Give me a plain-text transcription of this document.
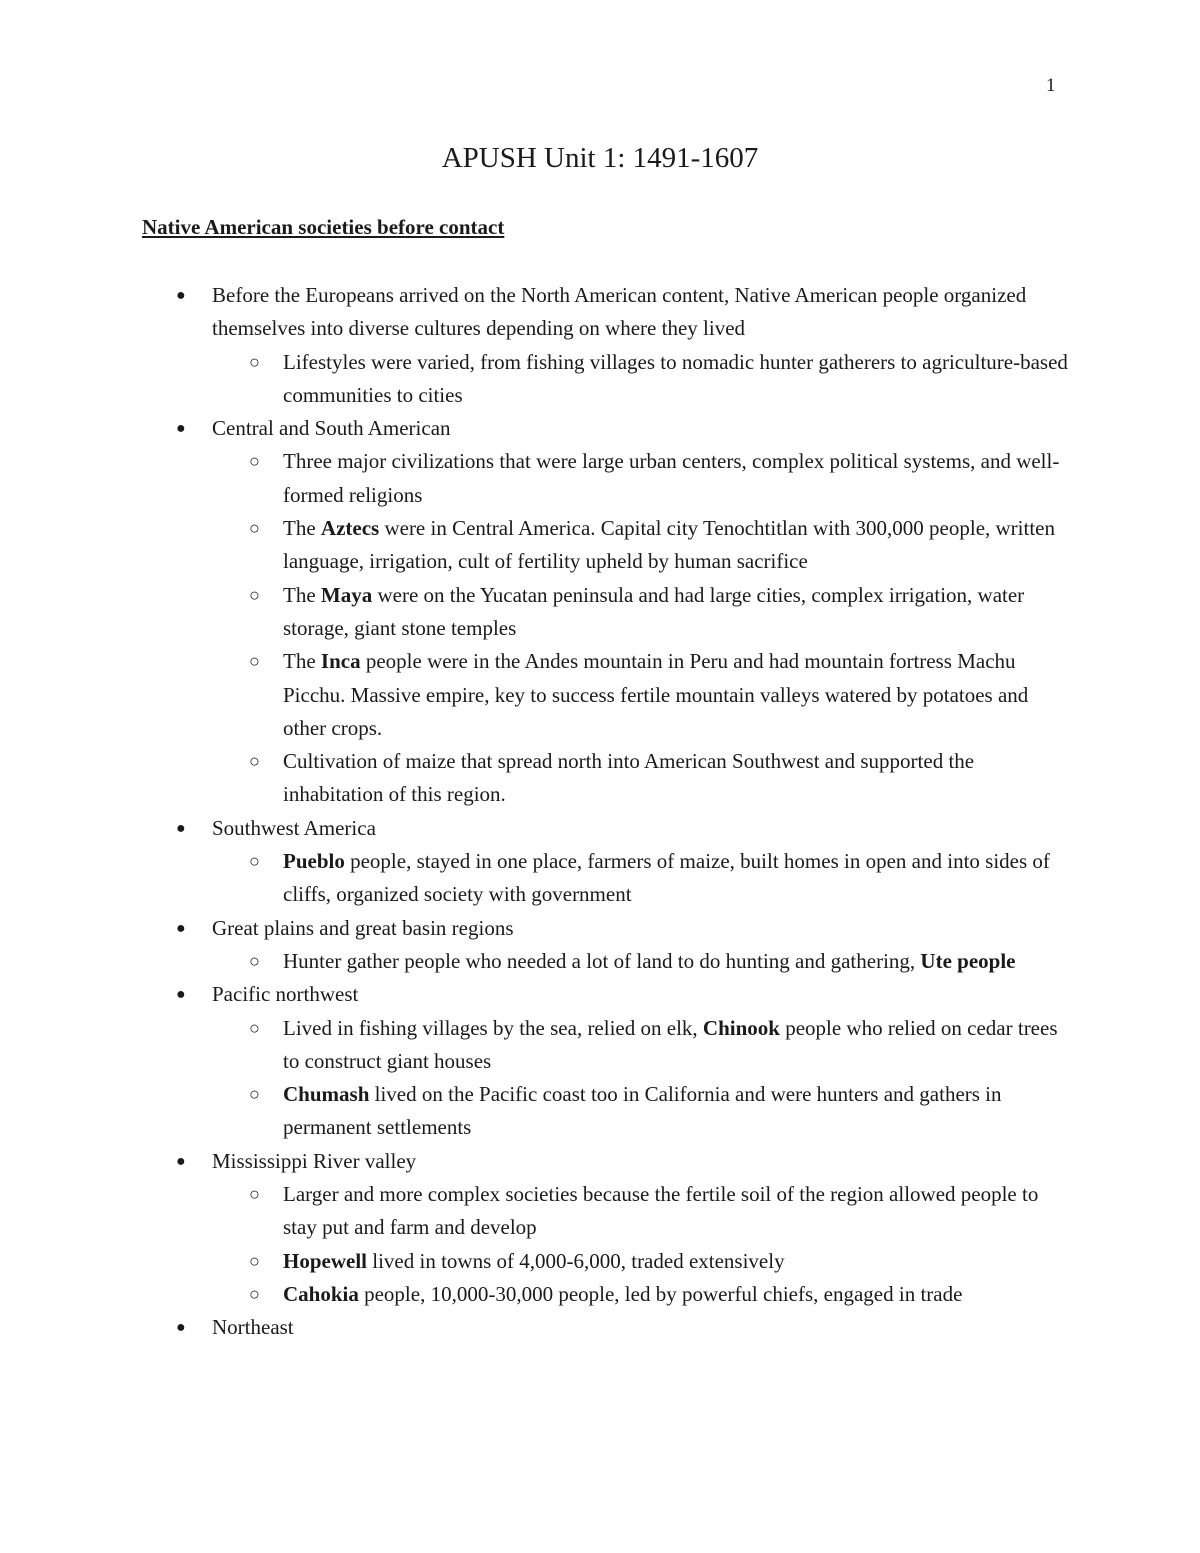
1
APUSH Unit 1: 1491-1607
Native American societies before contact
● Before the Europeans arrived on the North American content, Native American people organized themselves into diverse cultures depending on where they lived
○ Lifestyles were varied, from fishing villages to nomadic hunter gatherers to agriculture-based communities to cities
● Central and South American
○ Three major civilizations that were large urban centers, complex political systems, and well-formed religions
○ The Aztecs were in Central America. Capital city Tenochtitlan with 300,000 people, written language, irrigation, cult of fertility upheld by human sacrifice
○ The Maya were on the Yucatan peninsula and had large cities, complex irrigation, water storage, giant stone temples
○ The Inca people were in the Andes mountain in Peru and had mountain fortress Machu Picchu. Massive empire, key to success fertile mountain valleys watered by potatoes and other crops.
○ Cultivation of maize that spread north into American Southwest and supported the inhabitation of this region.
● Southwest America
○ Pueblo people, stayed in one place, farmers of maize, built homes in open and into sides of cliffs, organized society with government
● Great plains and great basin regions
○ Hunter gather people who needed a lot of land to do hunting and gathering, Ute people
● Pacific northwest
○ Lived in fishing villages by the sea, relied on elk, Chinook people who relied on cedar trees to construct giant houses
○ Chumash lived on the Pacific coast too in California and were hunters and gathers in permanent settlements
● Mississippi River valley
○ Larger and more complex societies because the fertile soil of the region allowed people to stay put and farm and develop
○ Hopewell lived in towns of 4,000-6,000, traded extensively
○ Cahokia people, 10,000-30,000 people, led by powerful chiefs, engaged in trade
● Northeast
